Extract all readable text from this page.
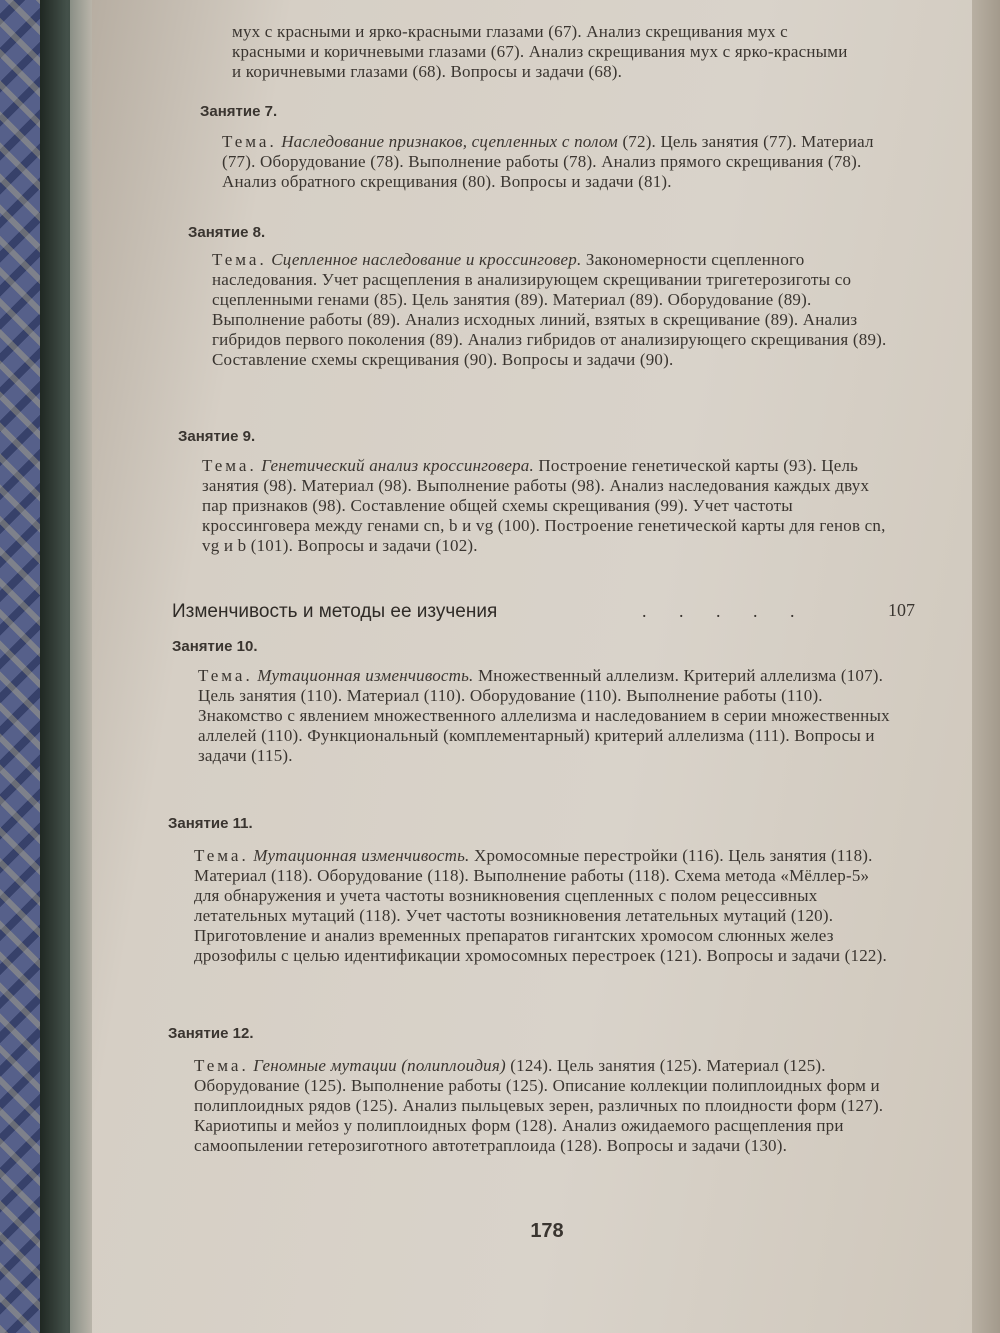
мух с красными и ярко-красными глазами (67). Анализ скрещивания мух с красными и коричневыми глазами (67). Анализ скрещивания мух с ярко-красными и коричневыми глазами (68). Вопросы и задачи (68).
Занятие 7.
Тема. Наследование признаков, сцепленных с полом (72). Цель занятия (77). Материал (77). Оборудование (78). Выполнение работы (78). Анализ прямого скрещивания (78). Анализ обратного скрещивания (80). Вопросы и задачи (81).
Занятие 8.
Тема. Сцепленное наследование и кроссинговер. Закономерности сцепленного наследования. Учет расщепления в анализирующем скрещивании тригетерозиготы со сцепленными генами (85). Цель занятия (89). Материал (89). Оборудование (89). Выполнение работы (89). Анализ исходных линий, взятых в скрещивание (89). Анализ гибридов первого поколения (89). Анализ гибридов от анализирующего скрещивания (89). Составление схемы скрещивания (90). Вопросы и задачи (90).
Занятие 9.
Тема. Генетический анализ кроссинговера. Построение генетической карты (93). Цель занятия (98). Материал (98). Выполнение работы (98). Анализ наследования каждых двух пар признаков (98). Составление общей схемы скрещивания (99). Учет частоты кроссинговера между генами cn, b и vg (100). Построение генетической карты для генов cn, vg и b (101). Вопросы и задачи (102).
Изменчивость и методы ее изучения	. . . . .	107
Занятие 10.
Тема. Мутационная изменчивость. Множественный аллелизм. Критерий аллелизма (107). Цель занятия (110). Материал (110). Оборудование (110). Выполнение работы (110). Знакомство с явлением множественного аллелизма и наследованием в серии множественных аллелей (110). Функциональный (комплементарный) критерий аллелизма (111). Вопросы и задачи (115).
Занятие 11.
Тема. Мутационная изменчивость. Хромосомные перестройки (116). Цель занятия (118). Материал (118). Оборудование (118). Выполнение работы (118). Схема метода «Мёллер-5» для обнаружения и учета частоты возникновения сцепленных с полом рецессивных летательных мутаций (118). Учет частоты возникновения летательных мутаций (120). Приготовление и анализ временных препаратов гигантских хромосом слюнных желез дрозофилы с целью идентификации хромосомных перестроек (121). Вопросы и задачи (122).
Занятие 12.
Тема. Геномные мутации (полиплоидия) (124). Цель занятия (125). Материал (125). Оборудование (125). Выполнение работы (125). Описание коллекции полиплоидных форм и полиплоидных рядов (125). Анализ пыльцевых зерен, различных по плоидности форм (127). Кариотипы и мейоз у полиплоидных форм (128). Анализ ожидаемого расщепления при самоопылении гетерозиготного автотетраплоида (128). Вопросы и задачи (130).
178
